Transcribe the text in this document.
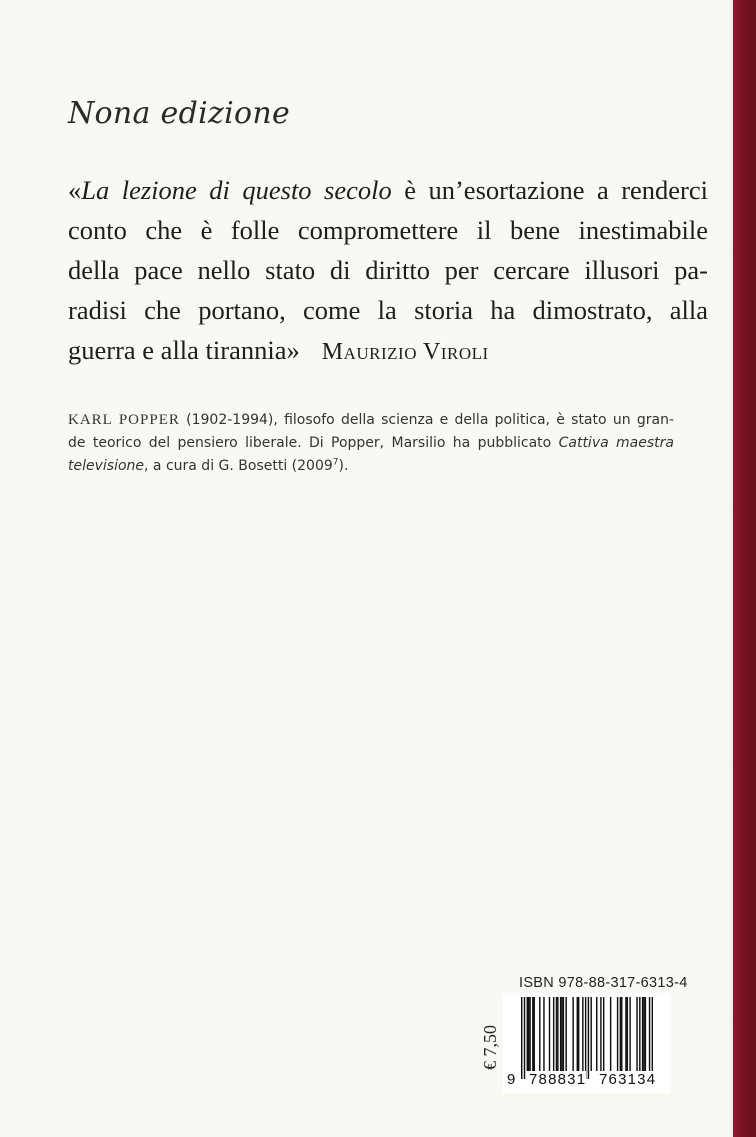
Nona edizione
«La lezione di questo secolo è un’esortazione a renderci
conto che è folle compromettere il bene inestimabile
della pace nello stato di diritto per cercare illusori pa-
radisi che portano, come la storia ha dimostrato, alla
guerra e alla tirannia» Maurizio Viroli
KARL POPPER (1902-1994), filosofo della scienza e della politica, è stato un gran-
de teorico del pensiero liberale. Di Popper, Marsilio ha pubblicato Cattiva maestra
televisione, a cura di G. Bosetti (2009$^7$).
ISBN 978-88-317-6313-4
€ 7,50
9 788831 763134
